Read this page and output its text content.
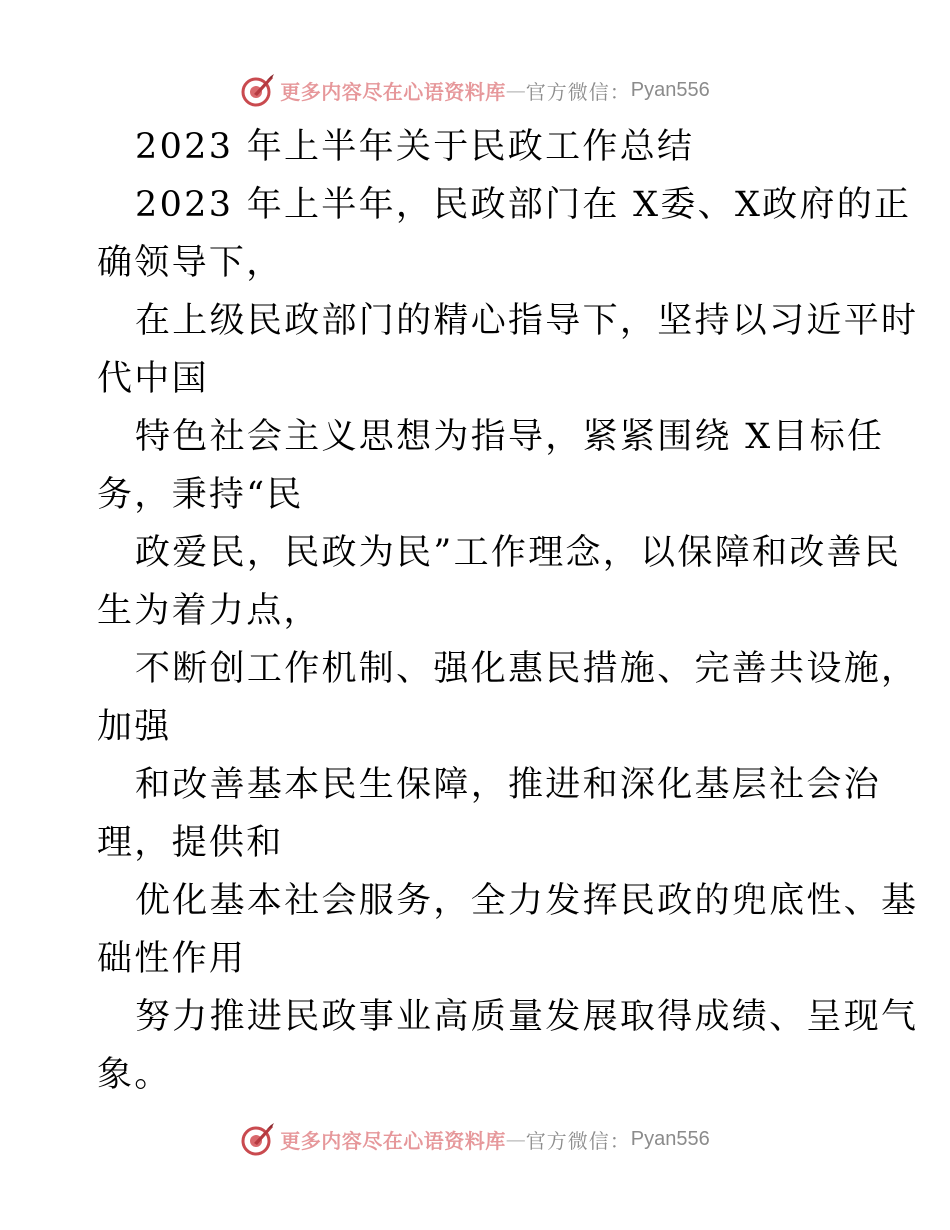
更多内容尽在心语资料库 — 官方微信： Pyan556
2023 年上半年关于民政工作总结
2023 年上半年，民政部门在 X委、X政府的正
确领导下，
在上级民政部门的精心指导下，坚持以习近平时
代中国
特色社会主义思想为指导，紧紧围绕 X目标任
务，秉持“民
政爱民，民政为民”工作理念，以保障和改善民
生为着力点，
不断创工作机制、强化惠民措施、完善共设施，
加强
和改善基本民生保障，推进和深化基层社会治
理，提供和
优化基本社会服务，全力发挥民政的兜底性、基
础性作用
努力推进民政事业高质量发展取得成绩、呈现气
象。
更多内容尽在心语资料库 — 官方微信： Pyan556
